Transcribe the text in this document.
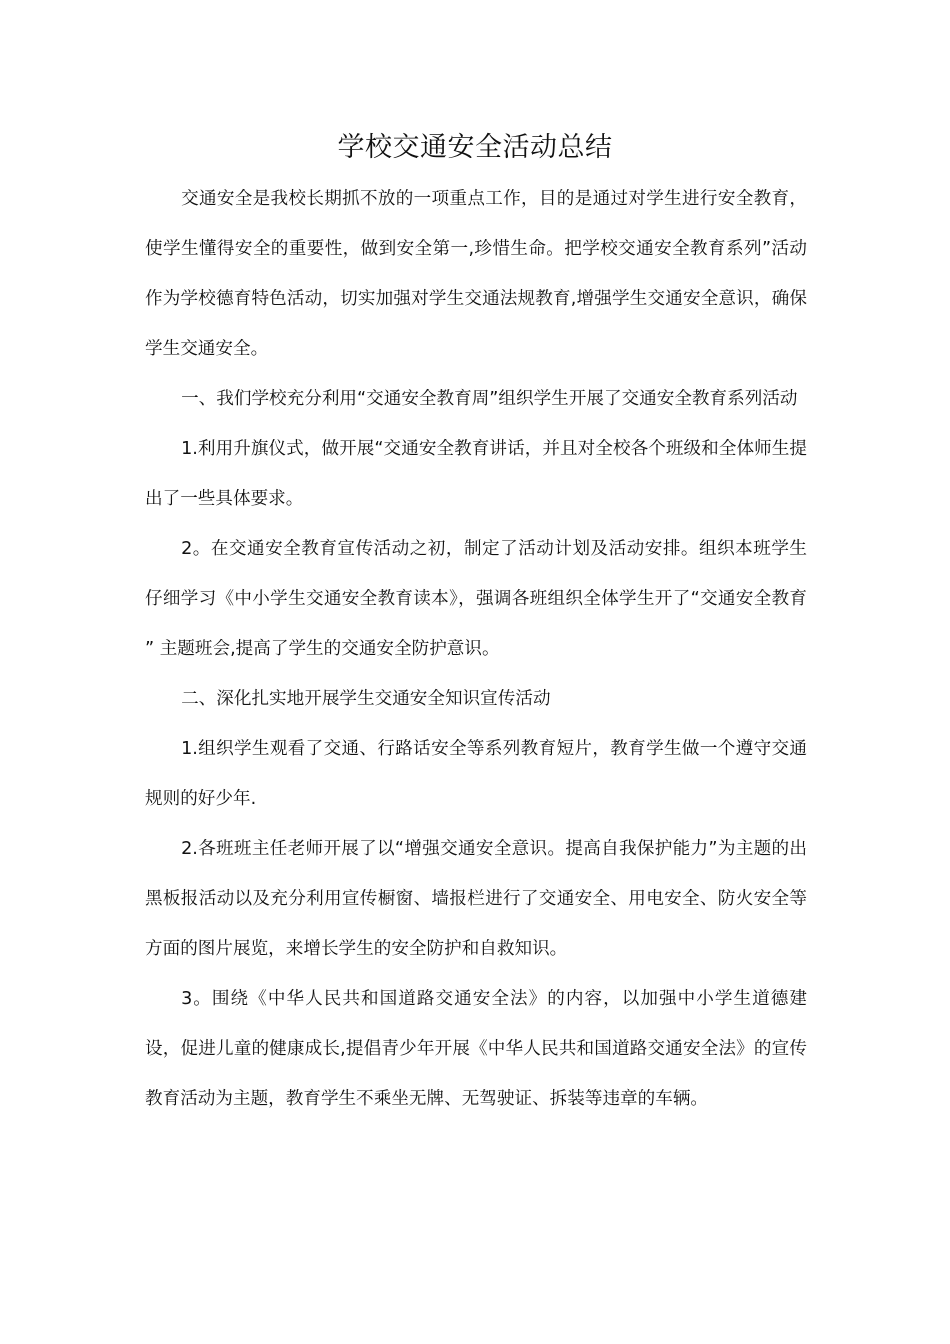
学校交通安全活动总结

交通安全是我校长期抓不放的一项重点工作，目的是通过对学生进行安全教育，使学生懂得安全的重要性，做到安全第一,珍惜生命。把学校交通安全教育系列”活动作为学校德育特色活动，切实加强对学生交通法规教育,增强学生交通安全意识，确保学生交通安全。

一、我们学校充分利用“交通安全教育周”组织学生开展了交通安全教育系列活动

1.利用升旗仪式，做开展“交通安全教育讲话，并且对全校各个班级和全体师生提出了一些具体要求。

2。在交通安全教育宣传活动之初，制定了活动计划及活动安排。组织本班学生仔细学习《中小学生交通安全教育读本》，强调各班组织全体学生开了“交通安全教育 ” 主题班会,提高了学生的交通安全防护意识。

二、深化扎实地开展学生交通安全知识宣传活动

1.组织学生观看了交通、行路话安全等系列教育短片，教育学生做一个遵守交通规则的好少年.

2.各班班主任老师开展了以“增强交通安全意识。提高自我保护能力”为主题的出黑板报活动以及充分利用宣传橱窗、墙报栏进行了交通安全、用电安全、防火安全等方面的图片展览，来增长学生的安全防护和自救知识。

3。围绕《中华人民共和国道路交通安全法》的内容，以加强中小学生道德建设，促进儿童的健康成长,提倡青少年开展《中华人民共和国道路交通安全法》的宣传教育活动为主题，教育学生不乘坐无牌、无驾驶证、拆装等违章的车辆。
